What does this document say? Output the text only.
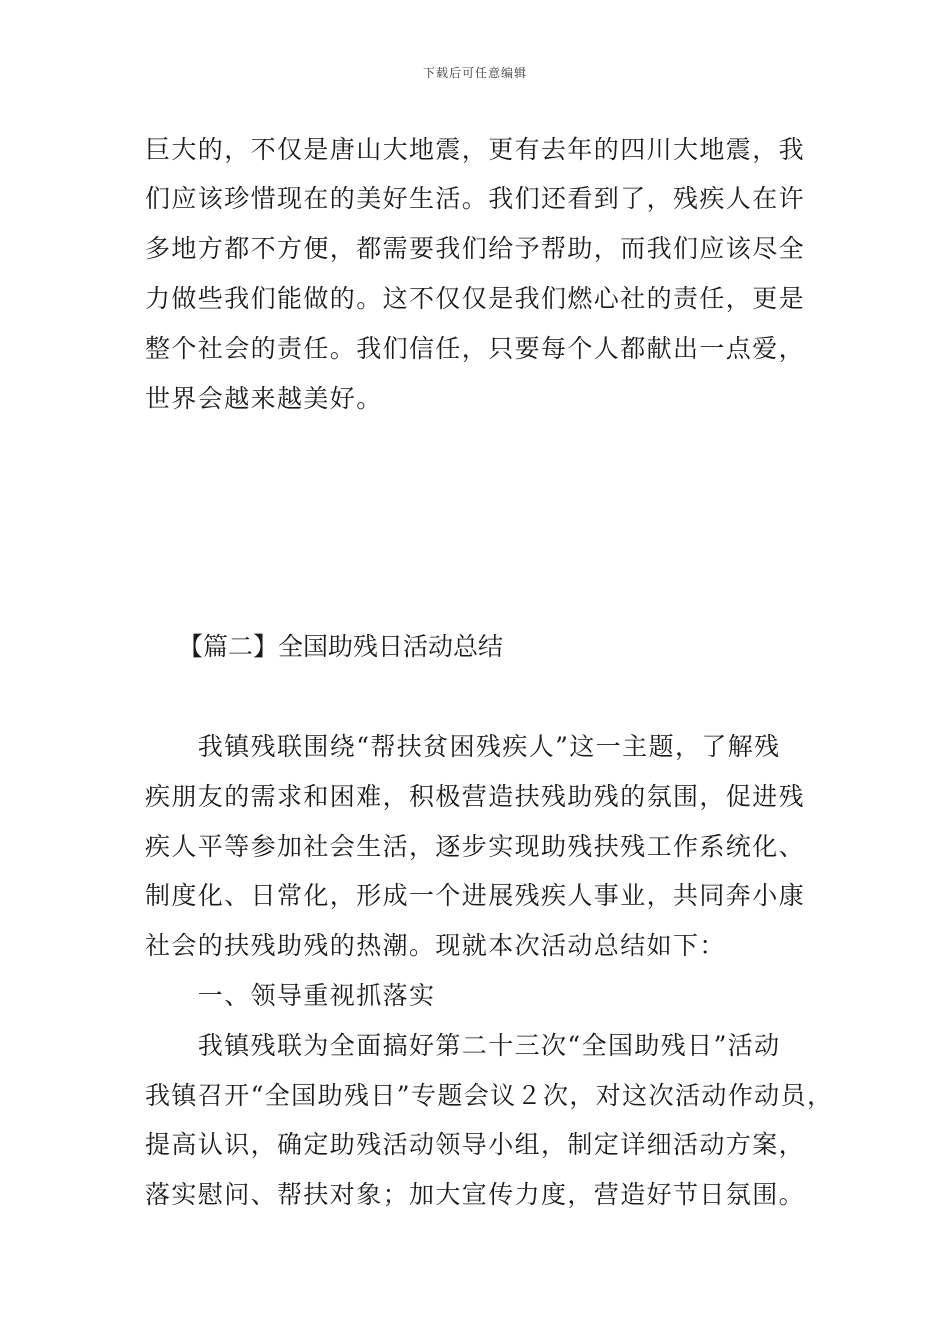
下载后可任意编辑
巨大的，不仅是唐山大地震，更有去年的四川大地震，我
们应该珍惜现在的美好生活。我们还看到了，残疾人在许
多地方都不方便，都需要我们给予帮助，而我们应该尽全
力做些我们能做的。这不仅仅是我们燃心社的责任，更是
整个社会的责任。我们信任，只要每个人都献出一点爱，
世界会越来越美好。
【篇二】全国助残日活动总结
　　我镇残联围绕“帮扶贫困残疾人”这一主题，了解残
疾朋友的需求和困难，积极营造扶残助残的氛围，促进残
疾人平等参加社会生活，逐步实现助残扶残工作系统化、
制度化、日常化，形成一个进展残疾人事业，共同奔小康
社会的扶残助残的热潮。现就本次活动总结如下：
　　一、领导重视抓落实
　　我镇残联为全面搞好第二十三次“全国助残日”活动
我镇召开“全国助残日”专题会议２次，对这次活动作动员，
提高认识，确定助残活动领导小组，制定详细活动方案，
落实慰问、帮扶对象；加大宣传力度，营造好节日氛围。
